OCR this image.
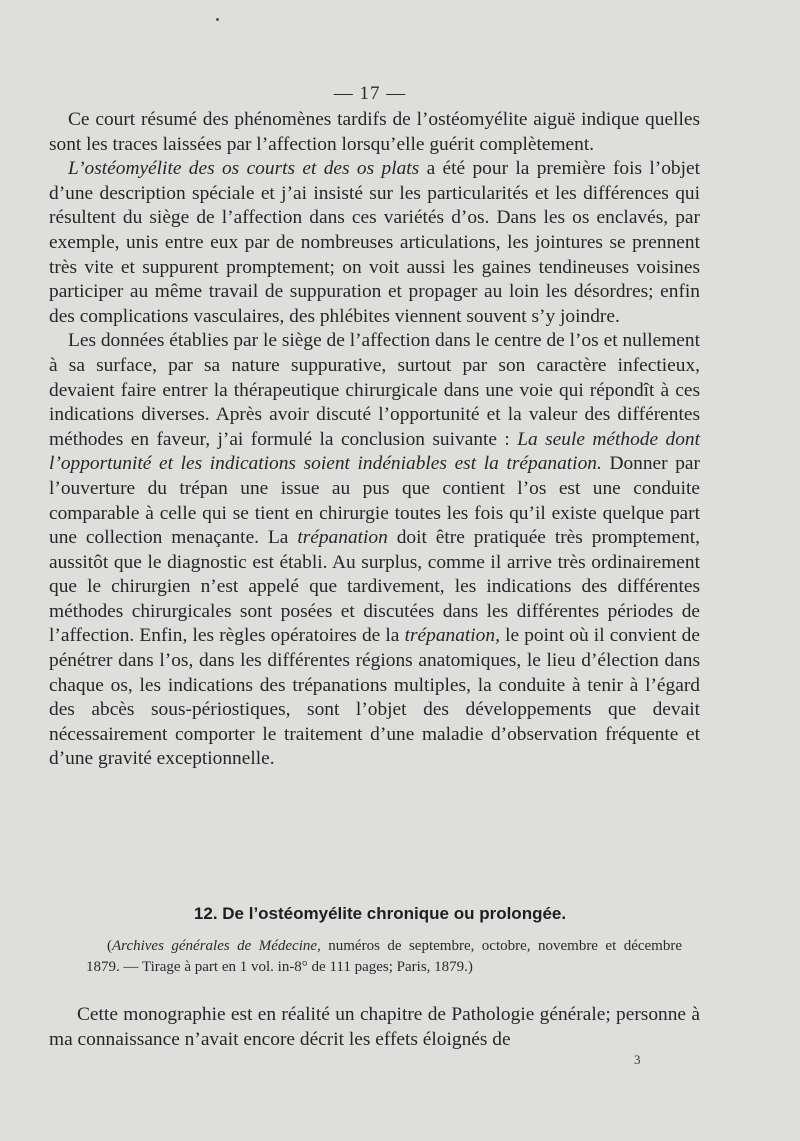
— 17 —

Ce court résumé des phénomènes tardifs de l’ostéomyélite aiguë indique quelles sont les traces laissées par l’affection lorsqu’elle guérit complètement.

L’ostéomyélite des os courts et des os plats a été pour la première fois l’objet d’une description spéciale et j’ai insisté sur les particularités et les différences qui résultent du siège de l’affection dans ces variétés d’os. Dans les os enclavés, par exemple, unis entre eux par de nombreuses articulations, les jointures se prennent très vite et suppurent promptement; on voit aussi les gaines tendineuses voisines participer au même travail de suppuration et propager au loin les désordres; enfin des complications vasculaires, des phlébites viennent souvent s’y joindre.

Les données établies par le siège de l’affection dans le centre de l’os et nullement à sa surface, par sa nature suppurative, surtout par son caractère infectieux, devaient faire entrer la thérapeutique chirurgicale dans une voie qui répondît à ces indications diverses. Après avoir discuté l’opportunité et la valeur des différentes méthodes en faveur, j’ai formulé la conclusion suivante : La seule méthode dont l’opportunité et les indications soient indéniables est la trépanation. Donner par l’ouverture du trépan une issue au pus que contient l’os est une conduite comparable à celle qui se tient en chirurgie toutes les fois qu’il existe quelque part une collection menaçante. La trépanation doit être pratiquée très promptement, aussitôt que le diagnostic est établi. Au surplus, comme il arrive très ordinairement que le chirurgien n’est appelé que tardivement, les indications des différentes méthodes chirurgicales sont posées et discutées dans les différentes périodes de l’affection. Enfin, les règles opératoires de la trépanation, le point où il convient de pénétrer dans l’os, dans les différentes régions anatomiques, le lieu d’élection dans chaque os, les indications des trépanations multiples, la conduite à tenir à l’égard des abcès sous-périostiques, sont l’objet des développements que devait nécessairement comporter le traitement d’une maladie d’observation fréquente et d’une gravité exceptionnelle.

12. De l’ostéomyélite chronique ou prolongée.

(Archives générales de Médecine, numéros de septembre, octobre, novembre et décembre 1879. — Tirage à part en 1 vol. in-8° de 111 pages; Paris, 1879.)

Cette monographie est en réalité un chapitre de Pathologie générale; personne à ma connaissance n’avait encore décrit les effets éloignés de

3
